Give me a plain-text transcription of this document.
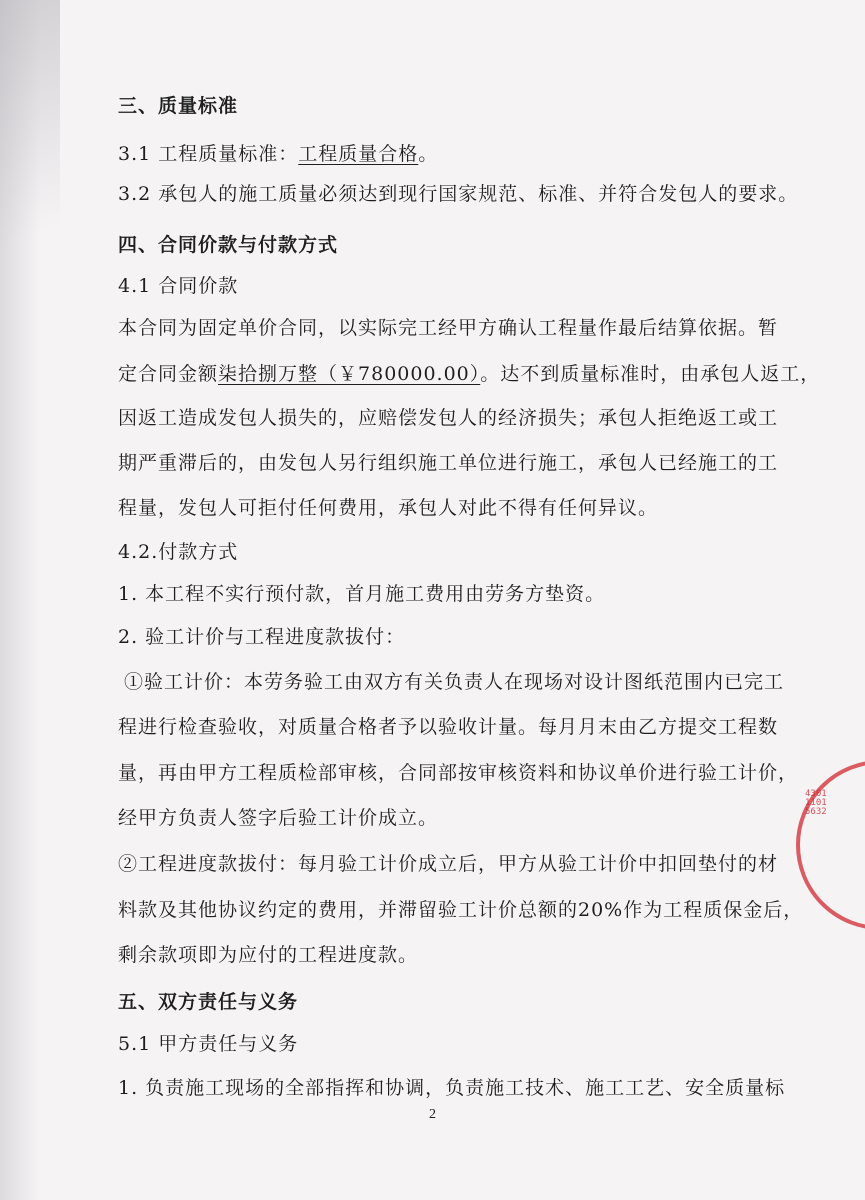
三、质量标准
3.1 工程质量标准：工程质量合格。
3.2 承包人的施工质量必须达到现行国家规范、标准、并符合发包人的要求。
四、合同价款与付款方式
4.1 合同价款
本合同为固定单价合同，以实际完工经甲方确认工程量作最后结算依据。暂
定合同金额柒拾捌万整（￥780000.00）。达不到质量标准时，由承包人返工，
因返工造成发包人损失的，应赔偿发包人的经济损失；承包人拒绝返工或工
期严重滞后的，由发包人另行组织施工单位进行施工，承包人已经施工的工
程量，发包人可拒付任何费用，承包人对此不得有任何异议。
4.2.付款方式
1. 本工程不实行预付款，首月施工费用由劳务方垫资。
2. 验工计价与工程进度款拔付：
①验工计价：本劳务验工由双方有关负责人在现场对设计图纸范围内已完工
程进行检查验收，对质量合格者予以验收计量。每月月末由乙方提交工程数
量，再由甲方工程质检部审核，合同部按审核资料和协议单价进行验工计价，
经甲方负责人签字后验工计价成立。
②工程进度款拔付：每月验工计价成立后，甲方从验工计价中扣回垫付的材
料款及其他协议约定的费用，并滞留验工计价总额的20%作为工程质保金后，
剩余款项即为应付的工程进度款。
五、双方责任与义务
5.1 甲方责任与义务
1. 负责施工现场的全部指挥和协调，负责施工技术、施工工艺、安全质量标
2
430111015632
